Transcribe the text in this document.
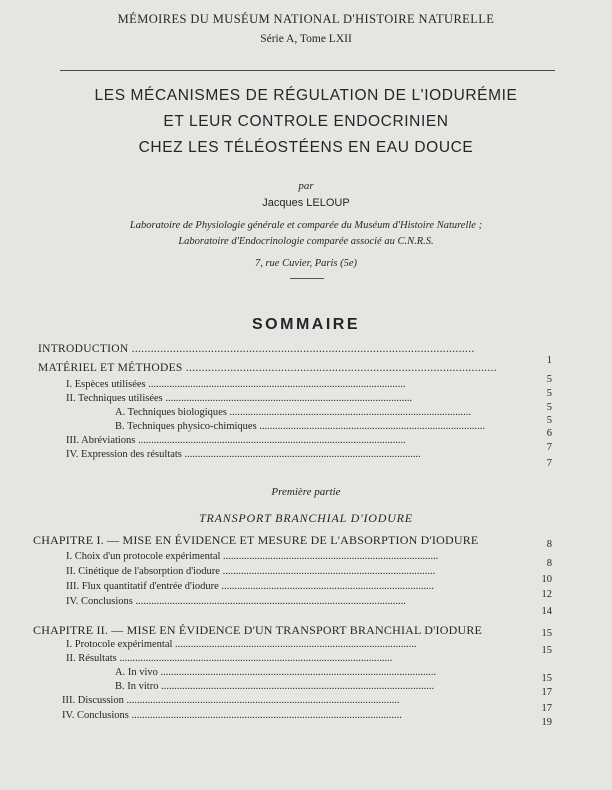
MÉMOIRES DU MUSÉUM NATIONAL D'HISTOIRE NATURELLE
Série A, Tome LXII
LES MÉCANISMES DE RÉGULATION DE L'IODURÉMIE
ET LEUR CONTROLE ENDOCRINIEN
CHEZ LES TÉLÉOSTÉENS EN EAU DOUCE
par
Jacques LELOUP
Laboratoire de Physiologie générale et comparée du Muséum d'Histoire Naturelle ;
Laboratoire d'Endocrinologie comparée associé au C.N.R.S.
7, rue Cuvier, Paris (5e)
SOMMAIRE
INTRODUCTION ............................................................................................................
1
MATÉRIEL ET MÉTHODES ..................................................................................................
5
I. Espèces utilisées ..................................................................................................
5
II. Techniques utilisées ..............................................................................................
5
A. Techniques biologiques ............................................................................................
5
B. Techniques physico-chimiques ......................................................................................
6
III. Abréviations ......................................................................................................
7
IV. Expression des résultats ..........................................................................................
7
Première partie
TRANSPORT BRANCHIAL D'IODURE
CHAPITRE I. — MISE EN ÉVIDENCE ET MESURE DE L'ABSORPTION D'IODURE	8
I. Choix d'un protocole expérimental ..................................................................................
8
II. Cinétique de l'absorption d'iodure .................................................................................
10
III. Flux quantitatif d'entrée d'iodure .................................................................................
12
IV. Conclusions .......................................................................................................
14
CHAPITRE II. — MISE EN ÉVIDENCE D'UN TRANSPORT BRANCHIAL D'IODURE	15
I. Protocole expérimental ............................................................................................
15
II. Résultats ........................................................................................................
A. In vivo .........................................................................................................
15
B. In vitro ........................................................................................................
17
III. Discussion ........................................................................................................
17
IV. Conclusions .......................................................................................................
19
